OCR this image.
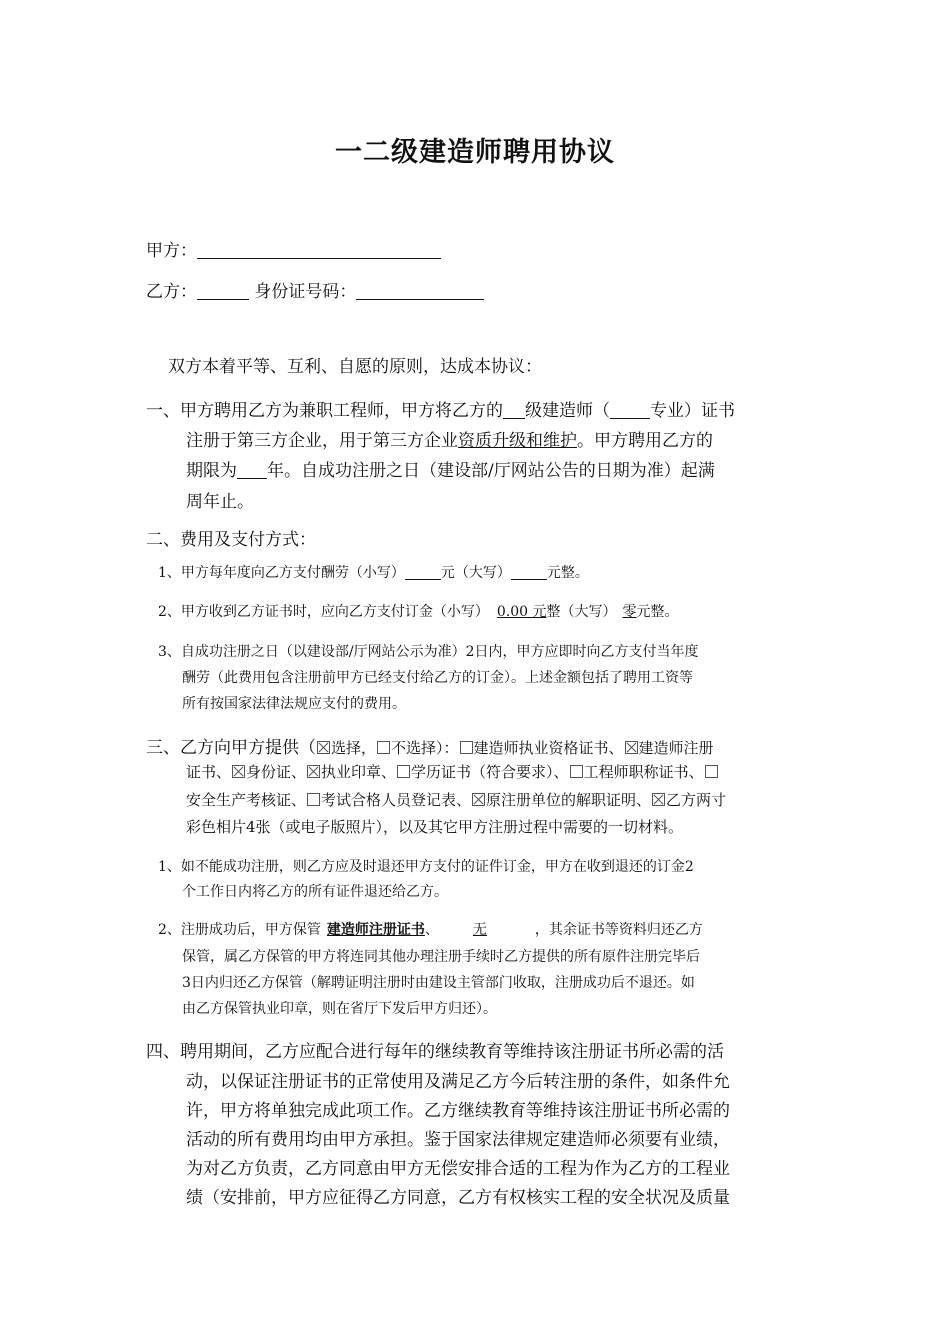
一二级建造师聘用协议
甲方：
乙方：	身份证号码：
双方本着平等、互利、自愿的原则，达成本协议：
一、甲方聘用乙方为兼职工程师，甲方将乙方的 级建造师（ 专业）证书
注册于第三方企业，用于第三方企业资质升级和维护。甲方聘用乙方的
期限为 年。自成功注册之日（建设部/厅网站公告的日期为准）起满
周年止。
二、费用及支付方式：
1、甲方每年度向乙方支付酬劳（小写）	元（大写）	元整。
2、甲方收到乙方证书时，应向乙方支付订金（小写） 0.00 元整（大写） 零元整。
3、自成功注册之日（以建设部/厅网站公示为准）2日内，甲方应即时向乙方支付当年度
酬劳（此费用包含注册前甲方已经支付给乙方的订金）。上述金额包括了聘用工资等
所有按国家法律法规应支付的费用。
三、乙方向甲方提供（ 选择， 不选择）： 建造师执业资格证书、 建造师注册
证书、 身份证、 执业印章、 学历证书（符合要求）、 工程师职称证书、
安全生产考核证、 考试合格人员登记表、 原注册单位的解职证明、 乙方两寸
彩色相片4张（或电子版照片），以及其它甲方注册过程中需要的一切材料。
1、如不能成功注册，则乙方应及时退还甲方支付的证件订金，甲方在收到退还的订金2
个工作日内将乙方的所有证件退还给乙方。
2、注册成功后，甲方保管 建造师注册证书、 无	，其余证书等资料归还乙方
保管，属乙方保管的甲方将连同其他办理注册手续时乙方提供的所有原件注册完毕后
3日内归还乙方保管（解聘证明注册时由建设主管部门收取，注册成功后不退还。如
由乙方保管执业印章，则在省厅下发后甲方归还）。
四、聘用期间，乙方应配合进行每年的继续教育等维持该注册证书所必需的活
动，以保证注册证书的正常使用及满足乙方今后转注册的条件，如条件允
许，甲方将单独完成此项工作。乙方继续教育等维持该注册证书所必需的
活动的所有费用均由甲方承担。鉴于国家法律规定建造师必须要有业绩，
为对乙方负责，乙方同意由甲方无偿安排合适的工程为作为乙方的工程业
绩（安排前，甲方应征得乙方同意，乙方有权核实工程的安全状况及质量
